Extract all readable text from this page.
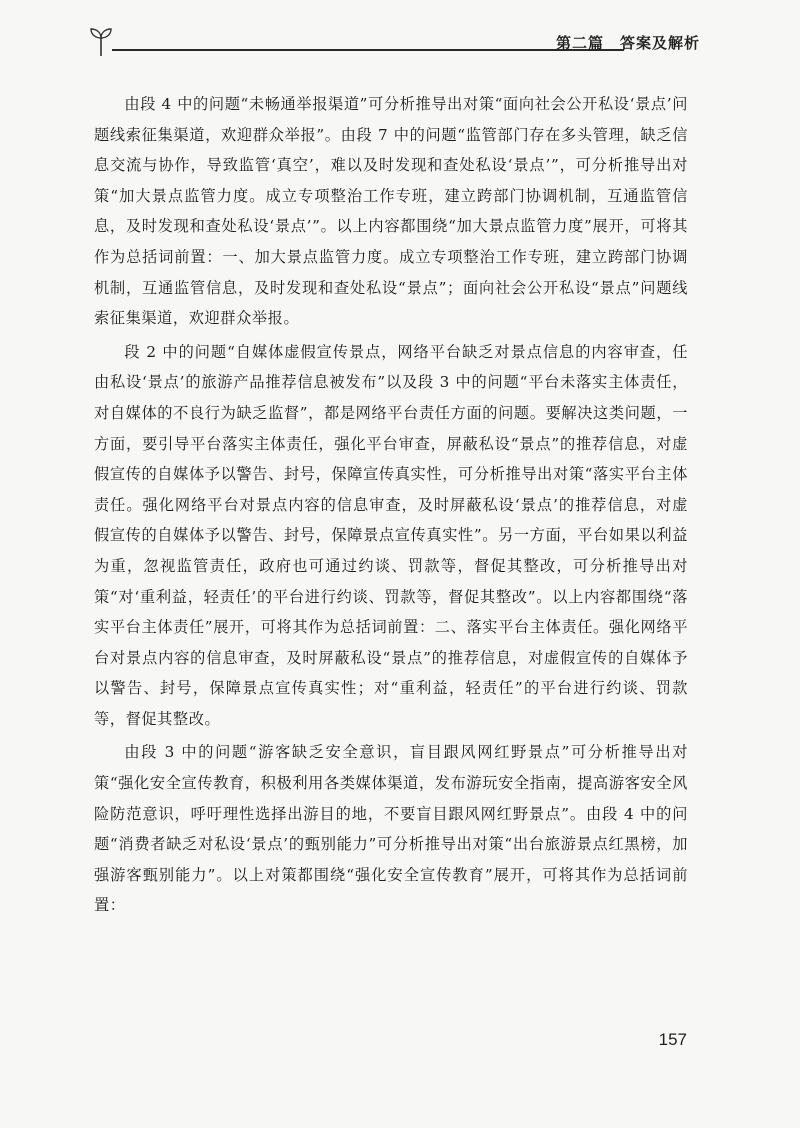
第二篇　答案及解析

由段 4 中的问题“未畅通举报渠道”可分析推导出对策“面向社会公开私设‘景点’问题线索征集渠道，欢迎群众举报”。由段 7 中的问题“监管部门存在多头管理，缺乏信息交流与协作，导致监管‘真空’，难以及时发现和查处私设‘景点’”，可分析推导出对策“加大景点监管力度。成立专项整治工作专班，建立跨部门协调机制，互通监管信息，及时发现和查处私设‘景点’”。以上内容都围绕“加大景点监管力度”展开，可将其作为总括词前置：一、加大景点监管力度。成立专项整治工作专班，建立跨部门协调机制，互通监管信息，及时发现和查处私设“景点”；面向社会公开私设“景点”问题线索征集渠道，欢迎群众举报。

段 2 中的问题“自媒体虚假宣传景点，网络平台缺乏对景点信息的内容审查，任由私设‘景点’的旅游产品推荐信息被发布”以及段 3 中的问题“平台未落实主体责任，对自媒体的不良行为缺乏监督”，都是网络平台责任方面的问题。要解决这类问题，一方面，要引导平台落实主体责任，强化平台审查，屏蔽私设“景点”的推荐信息，对虚假宣传的自媒体予以警告、封号，保障宣传真实性，可分析推导出对策“落实平台主体责任。强化网络平台对景点内容的信息审查，及时屏蔽私设‘景点’的推荐信息，对虚假宣传的自媒体予以警告、封号，保障景点宣传真实性”。另一方面，平台如果以利益为重，忽视监管责任，政府也可通过约谈、罚款等，督促其整改，可分析推导出对策“对‘重利益，轻责任’的平台进行约谈、罚款等，督促其整改”。以上内容都围绕“落实平台主体责任”展开，可将其作为总括词前置：二、落实平台主体责任。强化网络平台对景点内容的信息审查，及时屏蔽私设“景点”的推荐信息，对虚假宣传的自媒体予以警告、封号，保障景点宣传真实性；对“重利益，轻责任”的平台进行约谈、罚款等，督促其整改。

由段 3 中的问题“游客缺乏安全意识，盲目跟风网红野景点”可分析推导出对策“强化安全宣传教育，积极利用各类媒体渠道，发布游玩安全指南，提高游客安全风险防范意识，呼吁理性选择出游目的地，不要盲目跟风网红野景点”。由段 4 中的问题“消费者缺乏对私设‘景点’的甄别能力”可分析推导出对策“出台旅游景点红黑榜，加强游客甄别能力”。以上对策都围绕“强化安全宣传教育”展开，可将其作为总括词前置：

157
